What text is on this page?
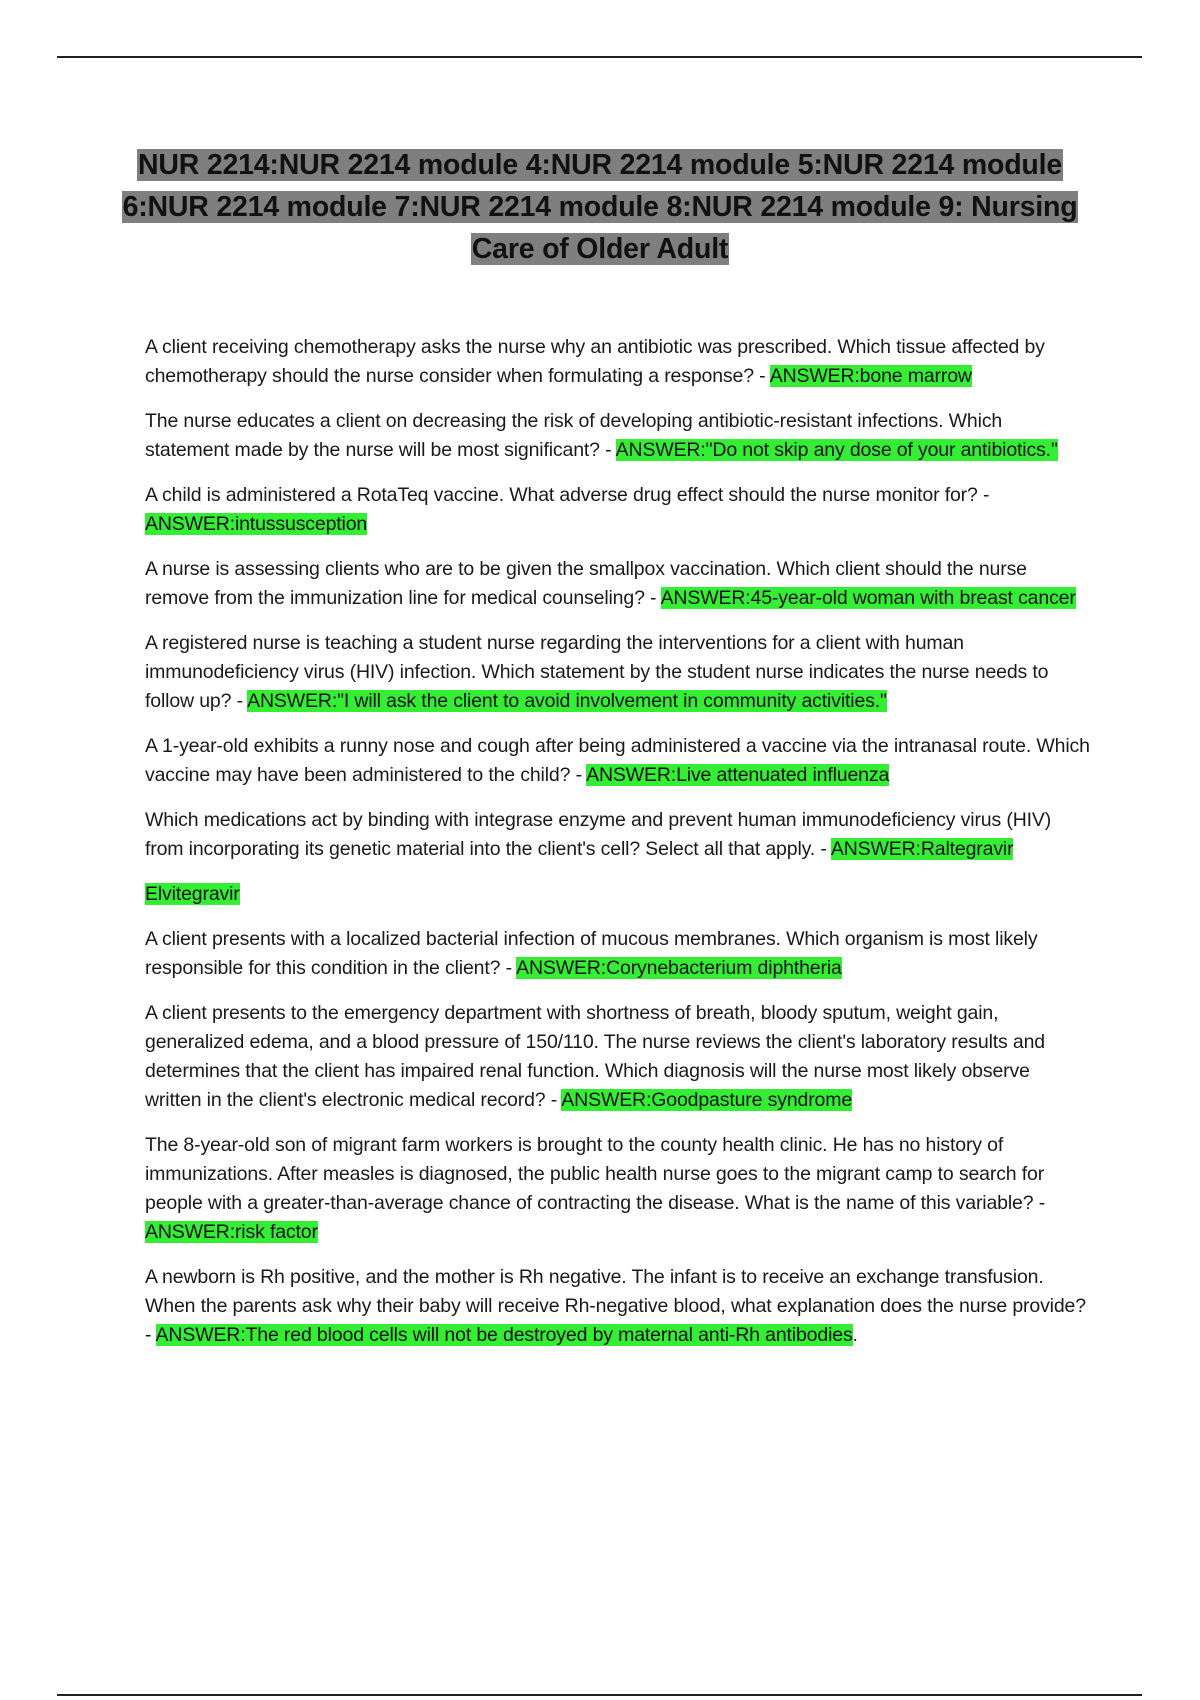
NUR 2214:NUR 2214 module 4:NUR 2214 module 5:NUR 2214 module 6:NUR 2214 module 7:NUR 2214 module 8:NUR 2214 module 9: Nursing Care of Older Adult

A client receiving chemotherapy asks the nurse why an antibiotic was prescribed. Which tissue affected by chemotherapy should the nurse consider when formulating a response? - ANSWER:bone marrow

The nurse educates a client on decreasing the risk of developing antibiotic-resistant infections. Which statement made by the nurse will be most significant? - ANSWER:"Do not skip any dose of your antibiotics."

A child is administered a RotaTeq vaccine. What adverse drug effect should the nurse monitor for? - ANSWER:intussusception

A nurse is assessing clients who are to be given the smallpox vaccination. Which client should the nurse remove from the immunization line for medical counseling? - ANSWER:45-year-old woman with breast cancer

A registered nurse is teaching a student nurse regarding the interventions for a client with human immunodeficiency virus (HIV) infection. Which statement by the student nurse indicates the nurse needs to follow up? - ANSWER:"I will ask the client to avoid involvement in community activities."

A 1-year-old exhibits a runny nose and cough after being administered a vaccine via the intranasal route. Which vaccine may have been administered to the child? - ANSWER:Live attenuated influenza

Which medications act by binding with integrase enzyme and prevent human immunodeficiency virus (HIV) from incorporating its genetic material into the client's cell? Select all that apply. - ANSWER:Raltegravir

Elvitegravir

A client presents with a localized bacterial infection of mucous membranes. Which organism is most likely responsible for this condition in the client? - ANSWER:Corynebacterium diphtheria

A client presents to the emergency department with shortness of breath, bloody sputum, weight gain, generalized edema, and a blood pressure of 150/110. The nurse reviews the client's laboratory results and determines that the client has impaired renal function. Which diagnosis will the nurse most likely observe written in the client's electronic medical record? - ANSWER:Goodpasture syndrome

The 8-year-old son of migrant farm workers is brought to the county health clinic. He has no history of immunizations. After measles is diagnosed, the public health nurse goes to the migrant camp to search for people with a greater-than-average chance of contracting the disease. What is the name of this variable? - ANSWER:risk factor

A newborn is Rh positive, and the mother is Rh negative. The infant is to receive an exchange transfusion. When the parents ask why their baby will receive Rh-negative blood, what explanation does the nurse provide? - ANSWER:The red blood cells will not be destroyed by maternal anti-Rh antibodies.
